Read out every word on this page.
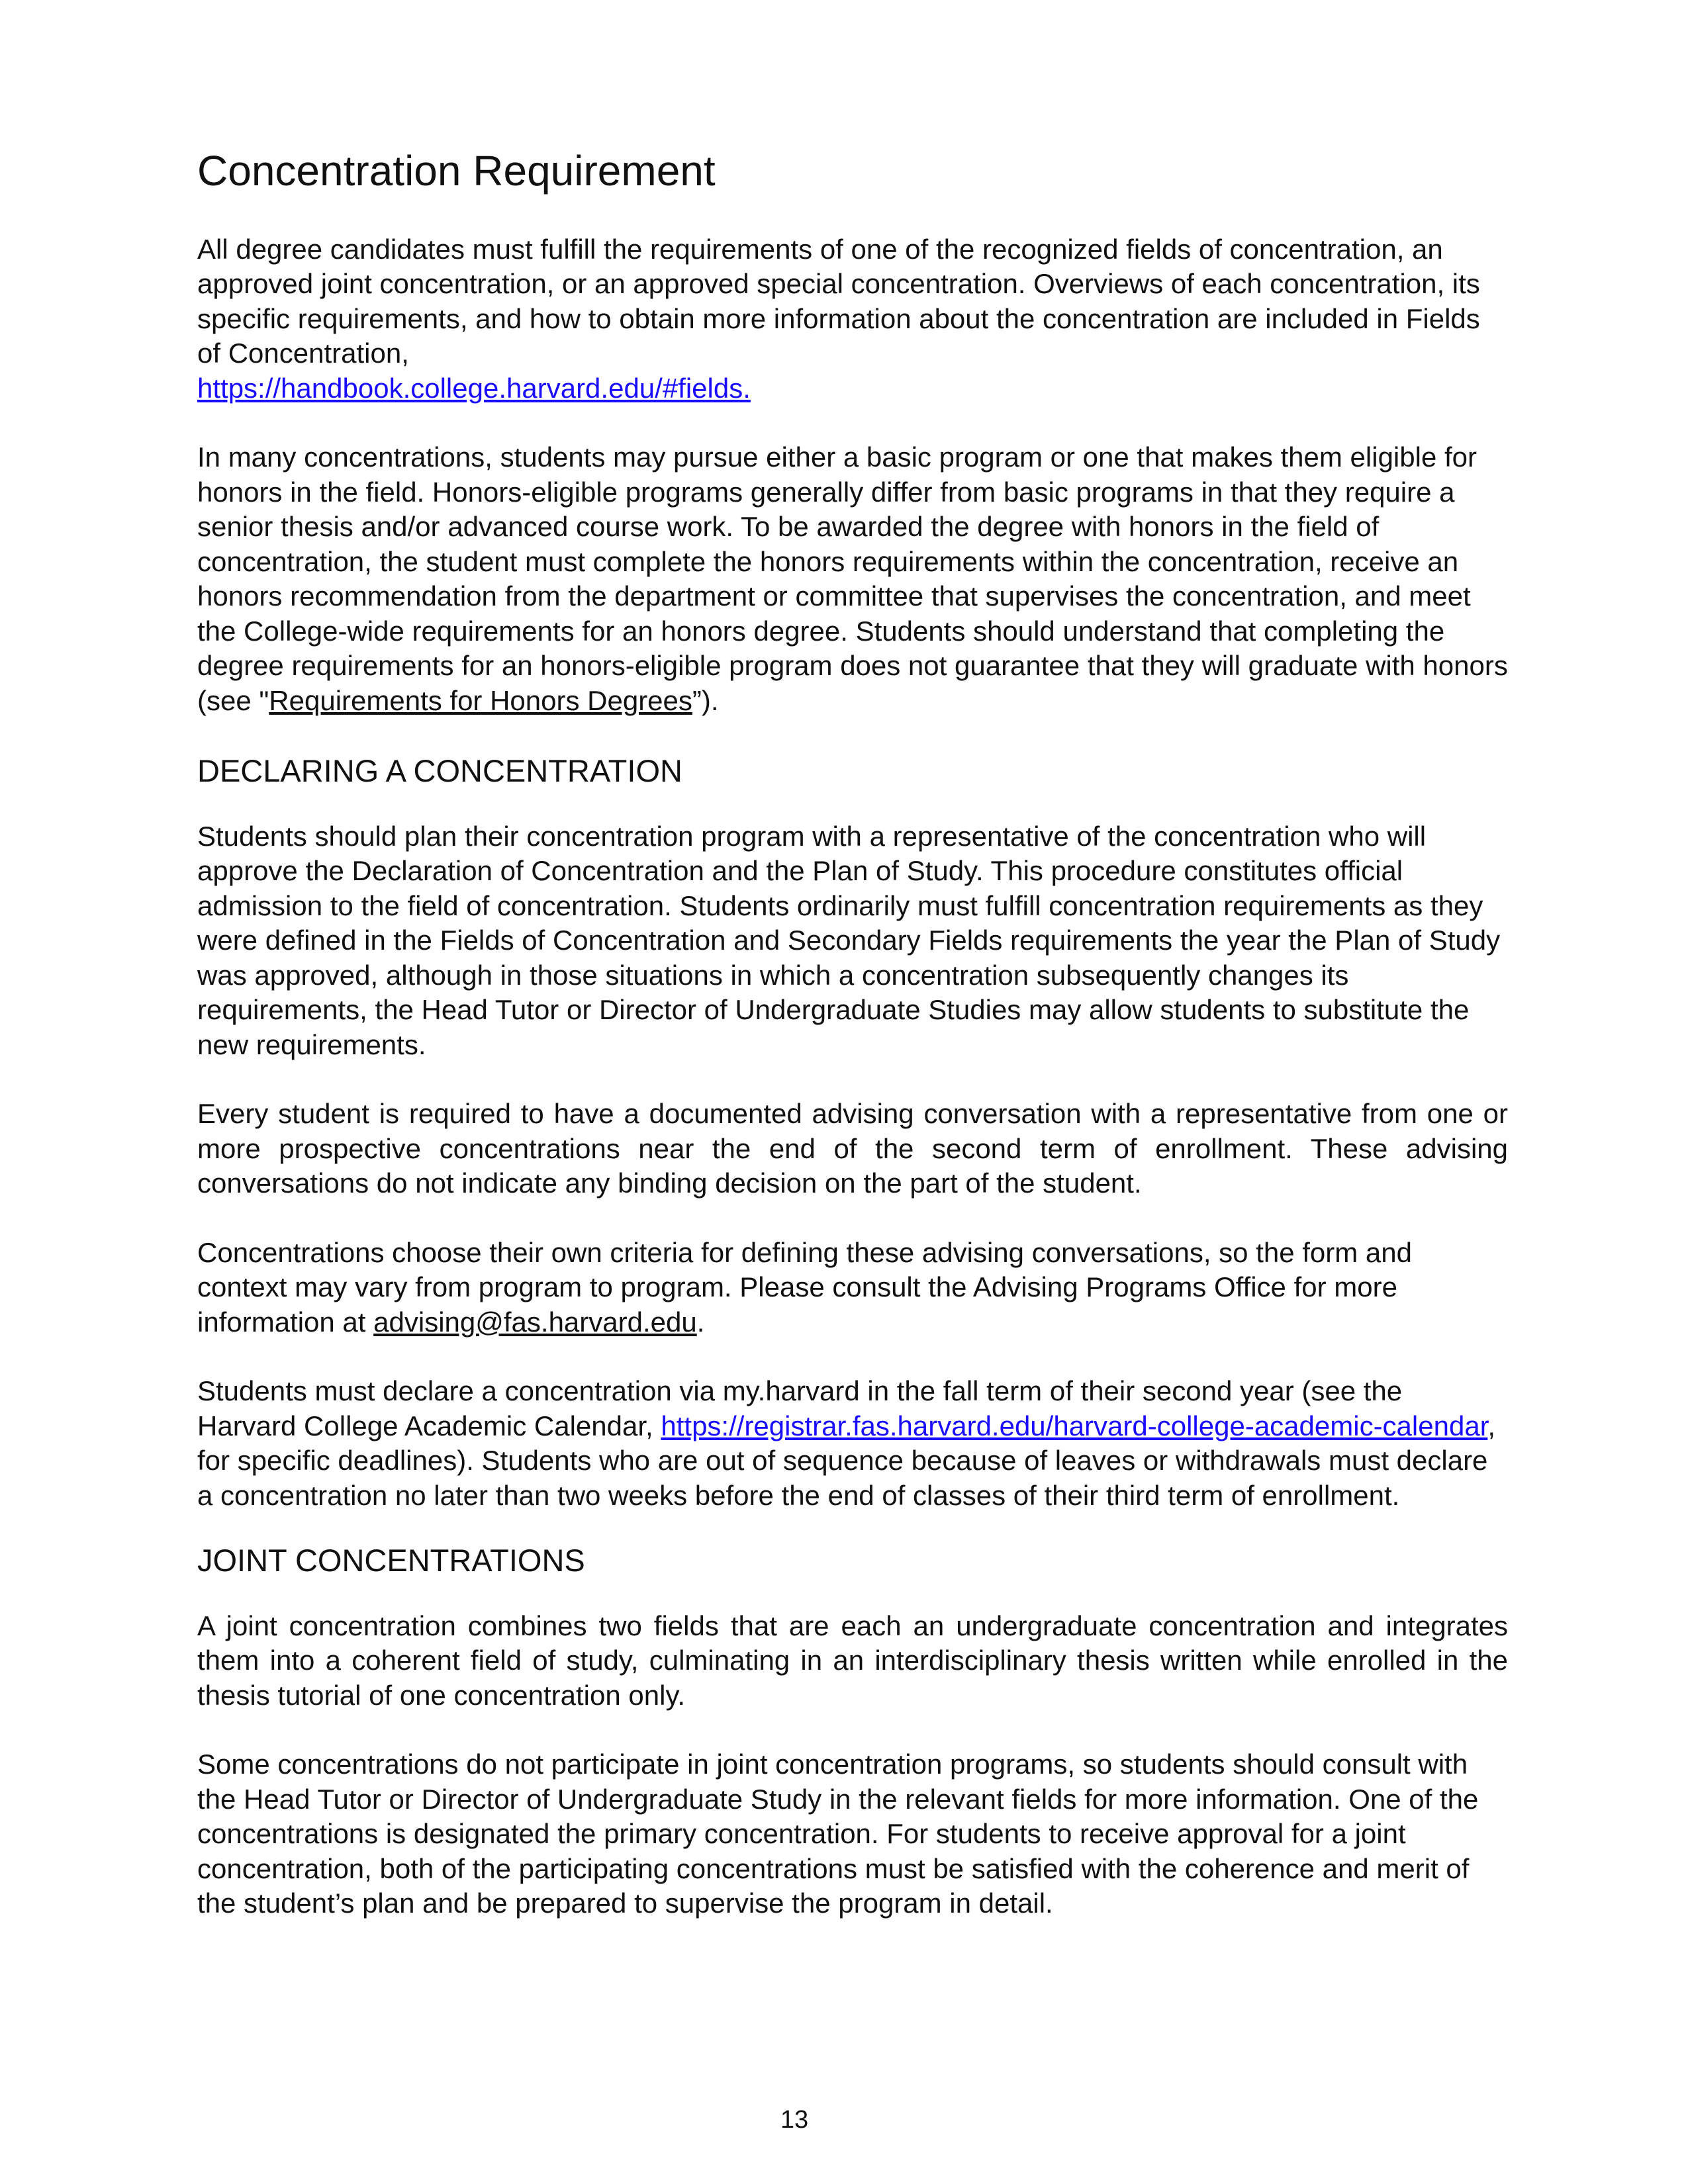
Concentration Requirement

All degree candidates must fulfill the requirements of one of the recognized fields of concentration, an approved joint concentration, or an approved special concentration. Overviews of each concentration, its specific requirements, and how to obtain more information about the concentration are included in Fields of Concentration,
https://handbook.college.harvard.edu/#fields.

In many concentrations, students may pursue either a basic program or one that makes them eligible for honors in the field. Honors-eligible programs generally differ from basic programs in that they require a senior thesis and/or advanced course work. To be awarded the degree with honors in the field of concentration, the student must complete the honors requirements within the concentration, receive an honors recommendation from the department or committee that supervises the concentration, and meet the College-wide requirements for an honors degree. Students should understand that completing the degree requirements for an honors-eligible program does not guarantee that they will graduate with honors (see "Requirements for Honors Degrees”).

DECLARING A CONCENTRATION

Students should plan their concentration program with a representative of the concentration who will approve the Declaration of Concentration and the Plan of Study. This procedure constitutes official admission to the field of concentration. Students ordinarily must fulfill concentration requirements as they were defined in the Fields of Concentration and Secondary Fields requirements the year the Plan of Study was approved, although in those situations in which a concentration subsequently changes its requirements, the Head Tutor or Director of Undergraduate Studies may allow students to substitute the new requirements.

Every student is required to have a documented advising conversation with a representative from one or more prospective concentrations near the end of the second term of enrollment. These advising conversations do not indicate any binding decision on the part of the student.

Concentrations choose their own criteria for defining these advising conversations, so the form and context may vary from program to program. Please consult the Advising Programs Office for more information at advising@fas.harvard.edu.

Students must declare a concentration via my.harvard in the fall term of their second year (see the Harvard College Academic Calendar, https://registrar.fas.harvard.edu/harvard-college-academic-calendar, for specific deadlines). Students who are out of sequence because of leaves or withdrawals must declare a concentration no later than two weeks before the end of classes of their third term of enrollment.

JOINT CONCENTRATIONS

A joint concentration combines two fields that are each an undergraduate concentration and integrates them into a coherent field of study, culminating in an interdisciplinary thesis written while enrolled in the thesis tutorial of one concentration only.

Some concentrations do not participate in joint concentration programs, so students should consult with the Head Tutor or Director of Undergraduate Study in the relevant fields for more information. One of the concentrations is designated the primary concentration. For students to receive approval for a joint concentration, both of the participating concentrations must be satisfied with the coherence and merit of the student’s plan and be prepared to supervise the program in detail.

13
